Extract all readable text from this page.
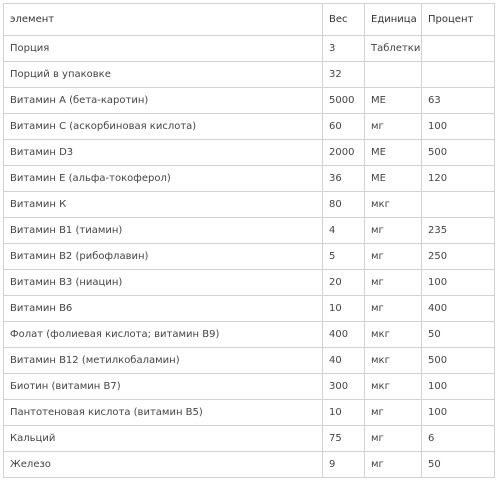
элемент	Вес	Единица	Процент
Порция	3	Таблетки	
Порций в упаковке	32		
Витамин А (бета-каротин)	5000	МЕ	63
Витамин С (аскорбиновая кислота)	60	мг	100
Витамин D3	2000	МЕ	500
Витамин Е (альфа-токоферол)	36	МЕ	120
Витамин К	80	мкг	
Витамин В1 (тиамин)	4	мг	235
Витамин В2 (рибофлавин)	5	мг	250
Витамин В3 (ниацин)	20	мг	100
Витамин В6	10	мг	400
Фолат (фолиевая кислота; витамин В9)	400	мкг	50
Витамин В12 (метилкобаламин)	40	мкг	500
Биотин (витамин В7)	300	мкг	100
Пантотеновая кислота (витамин В5)	10	мг	100
Кальций	75	мг	6
Железо	9	мг	50
